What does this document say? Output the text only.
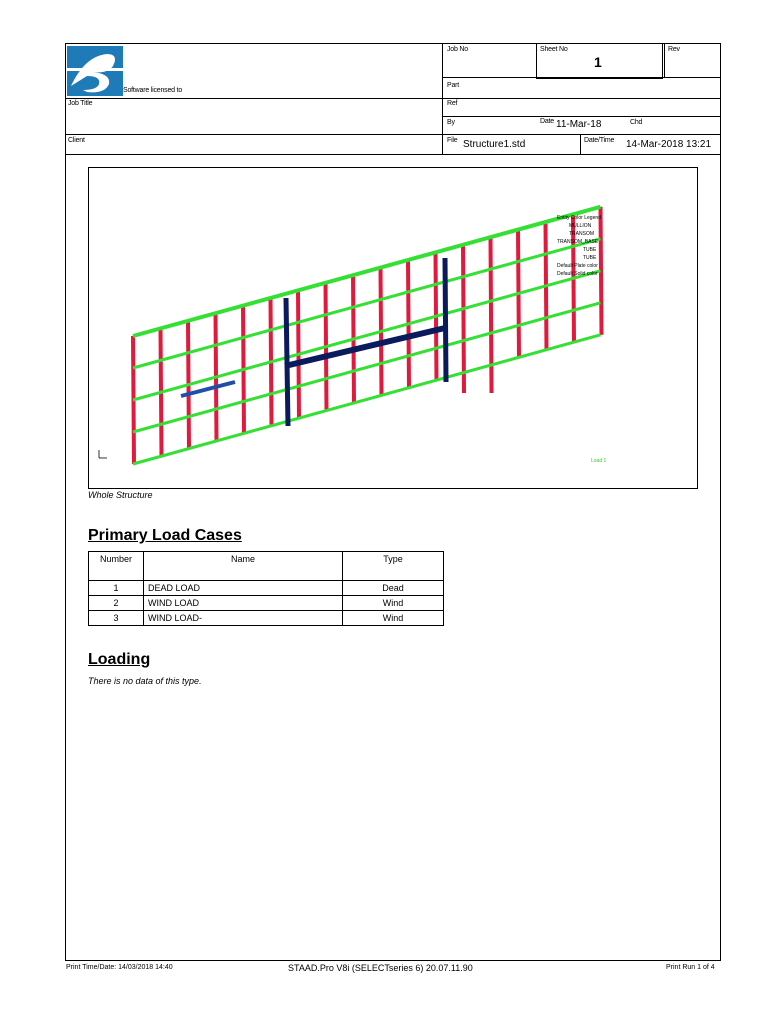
Software licensed to
Job No	Sheet No
1
Rev
Part
Job Title	Ref
By	Date 11-Mar-18	Chd
Client	File Structure1.std	Date/Time 14-Mar-2018 13:21
Entity Color Legend
MULLION
TRANSOM
TRANSOM_BASE
TUBE
TUBE
Default Plate color
Default Solid color
Load 1
Whole Structure
Primary Load Cases
Number	Name	Type
1	DEAD LOAD	Dead
2	WIND LOAD	Wind
3	WIND LOAD-	Wind
Loading
There is no data of this type.
Print Time/Date: 14/03/2018 14:40	STAAD.Pro V8i (SELECTseries 6) 20.07.11.90	Print Run 1 of 4
